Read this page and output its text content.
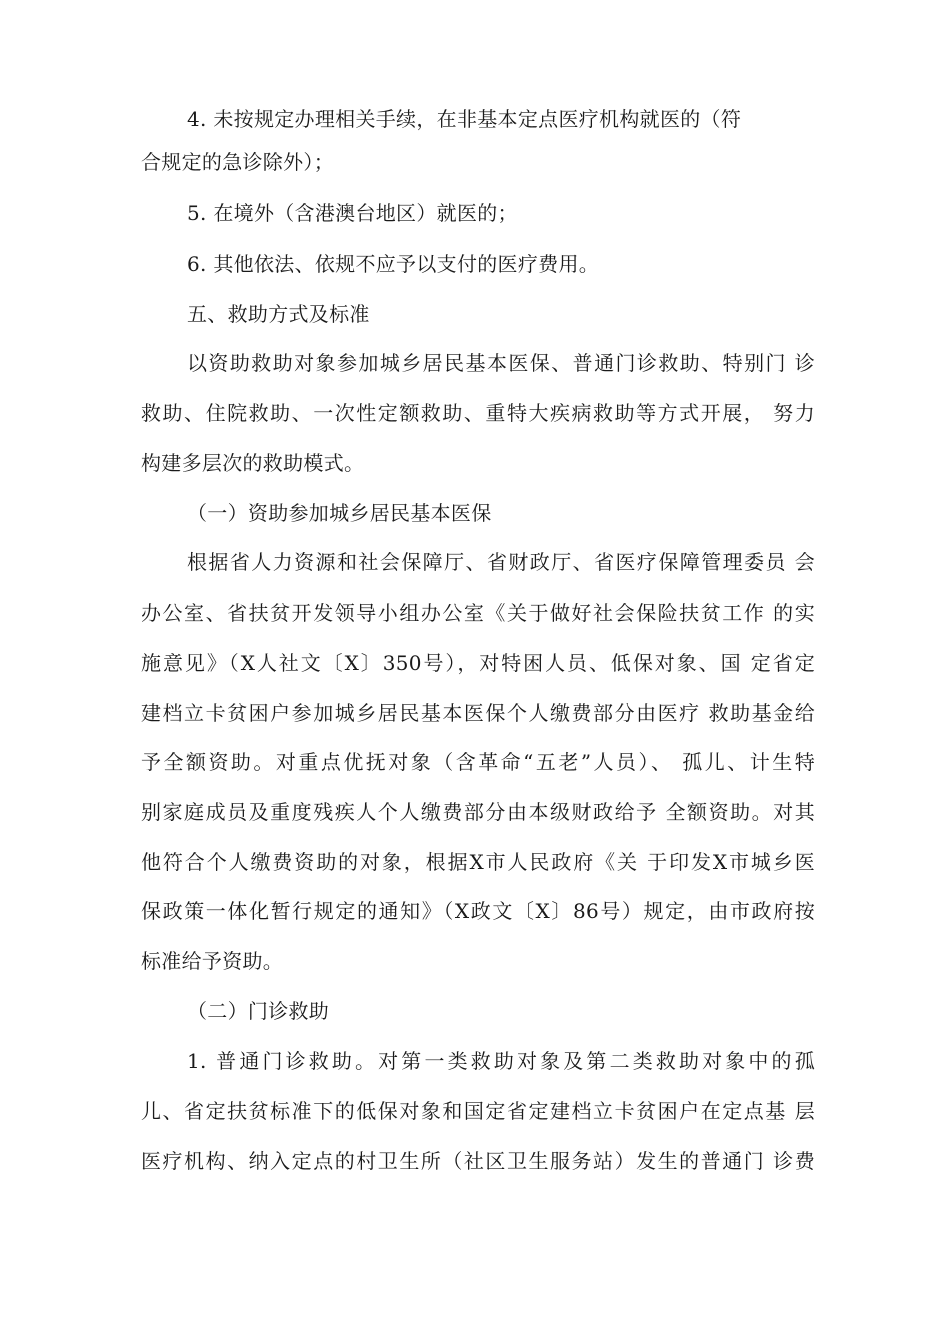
4. 未按规定办理相关手续，在非基本定点医疗机构就医的（符
合规定的急诊除外）；
5. 在境外（含港澳台地区）就医的；
6. 其他依法、依规不应予以支付的医疗费用。
五、救助方式及标准
以资助救助对象参加城乡居民基本医保、普通门诊救助、特别门 诊
救助、住院救助、一次性定额救助、重特大疾病救助等方式开展， 努力
构建多层次的救助模式。
（一）资助参加城乡居民基本医保
根据省人力资源和社会保障厅、省财政厅、省医疗保障管理委员 会
办公室、省扶贫开发领导小组办公室《关于做好社会保险扶贫工作 的实
施意见》（X人社文〔X〕350号），对特困人员、低保对象、国 定省定
建档立卡贫困户参加城乡居民基本医保个人缴费部分由医疗 救助基金给
予全额资助。对重点优抚对象（含革命“五老”人员）、 孤儿、计生特
别家庭成员及重度残疾人个人缴费部分由本级财政给予 全额资助。对其
他符合个人缴费资助的对象，根据X市人民政府《关 于印发X市城乡医
保政策一体化暂行规定的通知》（X政文〔X〕86号）规定，由市政府按
标准给予资助。
（二）门诊救助
1. 普通门诊救助。对第一类救助对象及第二类救助对象中的孤
儿、省定扶贫标准下的低保对象和国定省定建档立卡贫困户在定点基 层
医疗机构、纳入定点的村卫生所（社区卫生服务站）发生的普通门 诊费
